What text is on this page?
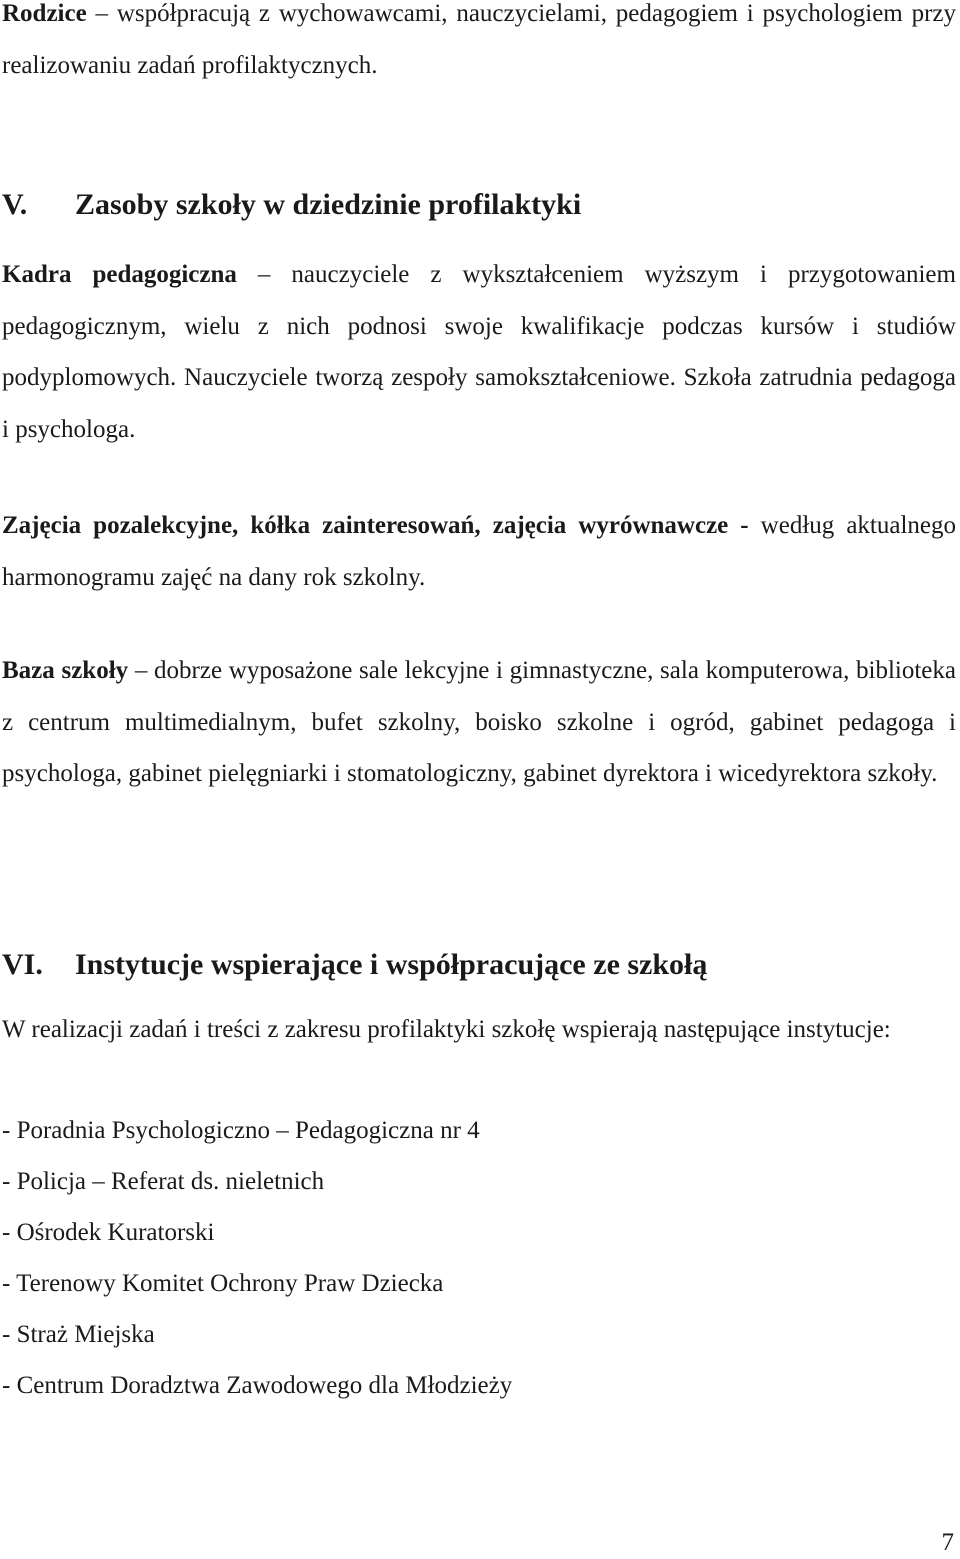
Rodzice – współpracują z wychowawcami, nauczycielami, pedagogiem i psychologiem przy realizowaniu zadań profilaktycznych.
V. Zasoby szkoły w dziedzinie profilaktyki
Kadra pedagogiczna – nauczyciele z wykształceniem wyższym i przygotowaniem pedagogicznym, wielu z nich podnosi swoje kwalifikacje podczas kursów i studiów podyplomowych. Nauczyciele tworzą zespoły samokształceniowe. Szkoła zatrudnia pedagoga i psychologa.
Zajęcia pozalekcyjne, kółka zainteresowań, zajęcia wyrównawcze - według aktualnego harmonogramu zajęć na dany rok szkolny.
Baza szkoły – dobrze wyposażone sale lekcyjne i gimnastyczne, sala komputerowa, biblioteka z centrum multimedialnym, bufet szkolny, boisko szkolne i ogród, gabinet pedagoga i psychologa, gabinet pielęgniarki i stomatologiczny, gabinet dyrektora i wicedyrektora szkoły.
VI. Instytucje wspierające i współpracujące ze szkołą
W realizacji zadań i treści z zakresu profilaktyki szkołę wspierają następujące instytucje:
- Poradnia Psychologiczno – Pedagogiczna nr 4
- Policja – Referat ds. nieletnich
- Ośrodek Kuratorski
- Terenowy Komitet Ochrony Praw Dziecka
- Straż Miejska
- Centrum Doradztwa Zawodowego dla Młodzieży
7
